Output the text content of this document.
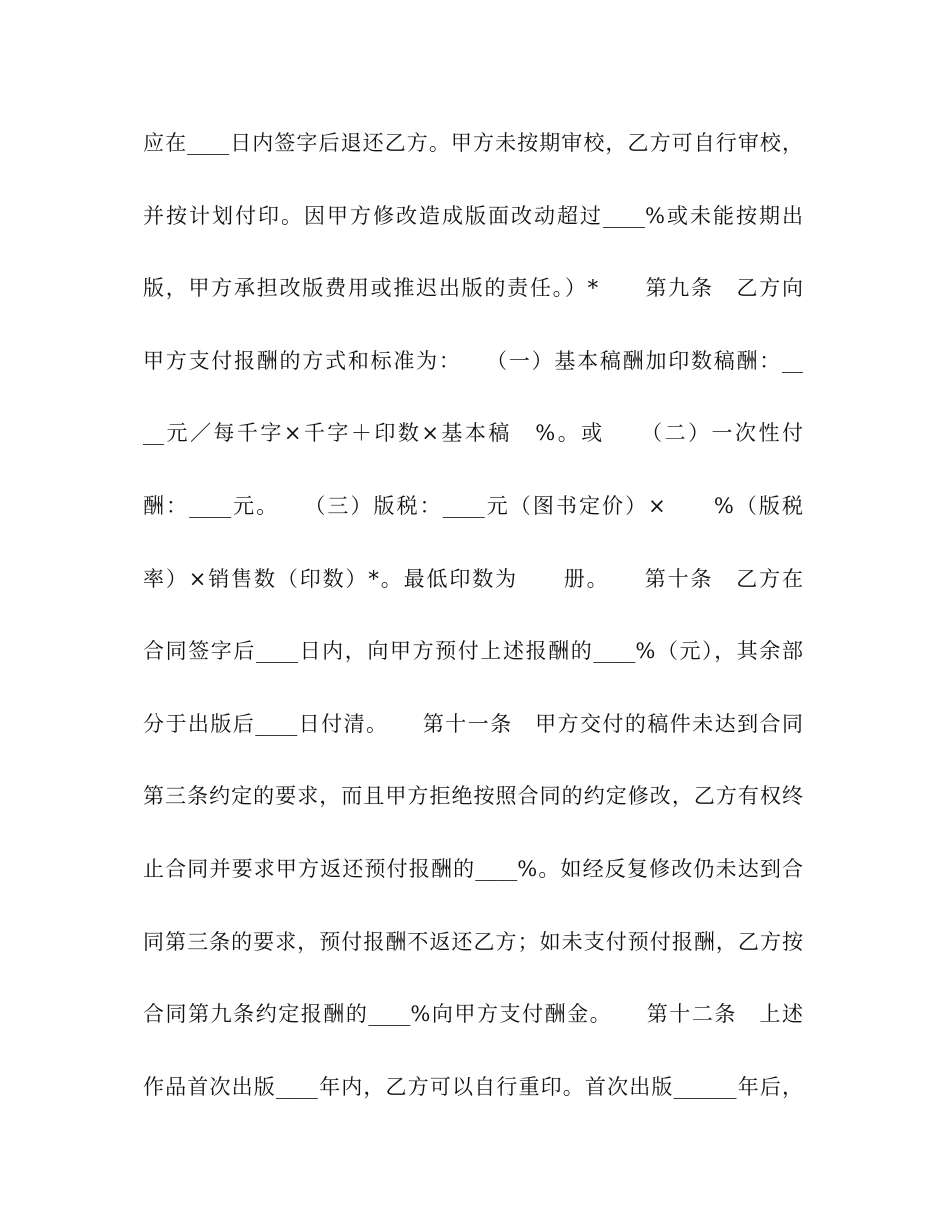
应在____日内签字后退还乙方。甲方未按期审校，乙方可自行审校，
并按计划付印。因甲方修改造成版面改动超过____%或未能按期出
版，甲方承担改版费用或推迟出版的责任。）*　　第九条　乙方向
甲方支付报酬的方式和标准为：　　（一）基本稿酬加印数稿酬：__
__元／每千字×千字＋印数×基本稿　%。或　　（二）一次性付
酬：____元。　　（三）版税：____元（图书定价）×　　%（版税
率）×销售数（印数）*。最低印数为　　册。　　第十条　乙方在
合同签字后____日内，向甲方预付上述报酬的____%（元），其余部
分于出版后____日付清。　　第十一条　甲方交付的稿件未达到合同
第三条约定的要求，而且甲方拒绝按照合同的约定修改，乙方有权终
止合同并要求甲方返还预付报酬的____%。如经反复修改仍未达到合
同第三条的要求，预付报酬不返还乙方；如未支付预付报酬，乙方按
合同第九条约定报酬的____%向甲方支付酬金。　　第十二条　上述
作品首次出版____年内，乙方可以自行重印。首次出版______年后，
